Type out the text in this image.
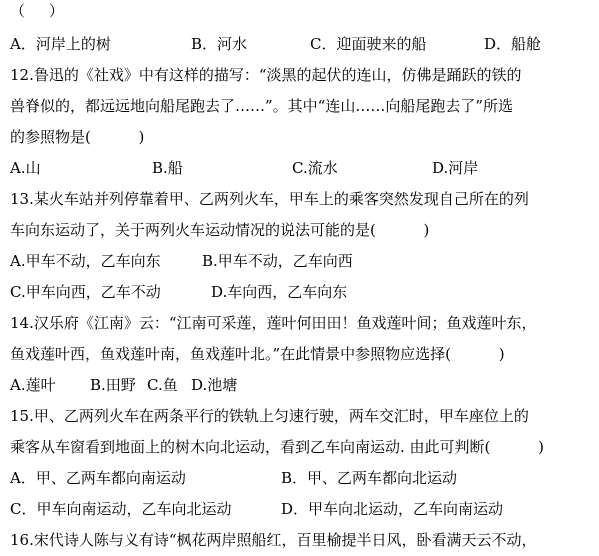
（     ）
A．河岸上的树	B．河水	C．迎面驶来的船	D．船舱
12.鲁迅的《社戏》中有这样的描写：“淡黑的起伏的连山，仿佛是踊跃的铁的
兽脊似的，都远远地向船尾跑去了……”。其中“连山……向船尾跑去了”所选
的参照物是(          )
A.山	B.船	C.流水	D.河岸
13.某火车站并列停靠着甲、乙两列火车，甲车上的乘客突然发现自己所在的列
车向东运动了，关于两列火车运动情况的说法可能的是(          )
A.甲车不动，乙车向东	B.甲车不动，乙车向西
C.甲车向西，乙车不动	D.车向西，乙车向东
14.汉乐府《江南》云：“江南可采莲，莲叶何田田！鱼戏莲叶间；鱼戏莲叶东，
鱼戏莲叶西，鱼戏莲叶南，鱼戏莲叶北。”在此情景中参照物应选择(          )
A.莲叶 B.田野 C.鱼 D.池塘
15.甲、乙两列火车在两条平行的铁轨上匀速行驶，两车交汇时，甲车座位上的
乘客从车窗看到地面上的树木向北运动，看到乙车向南运动. 由此可判断(          )
A．甲、乙两车都向南运动	B．甲、乙两车都向北运动
C．甲车向南运动，乙车向北运动	D．甲车向北运动，乙车向南运动
16.宋代诗人陈与义有诗“枫花两岸照船红，百里榆提半日风，卧看满天云不动，
